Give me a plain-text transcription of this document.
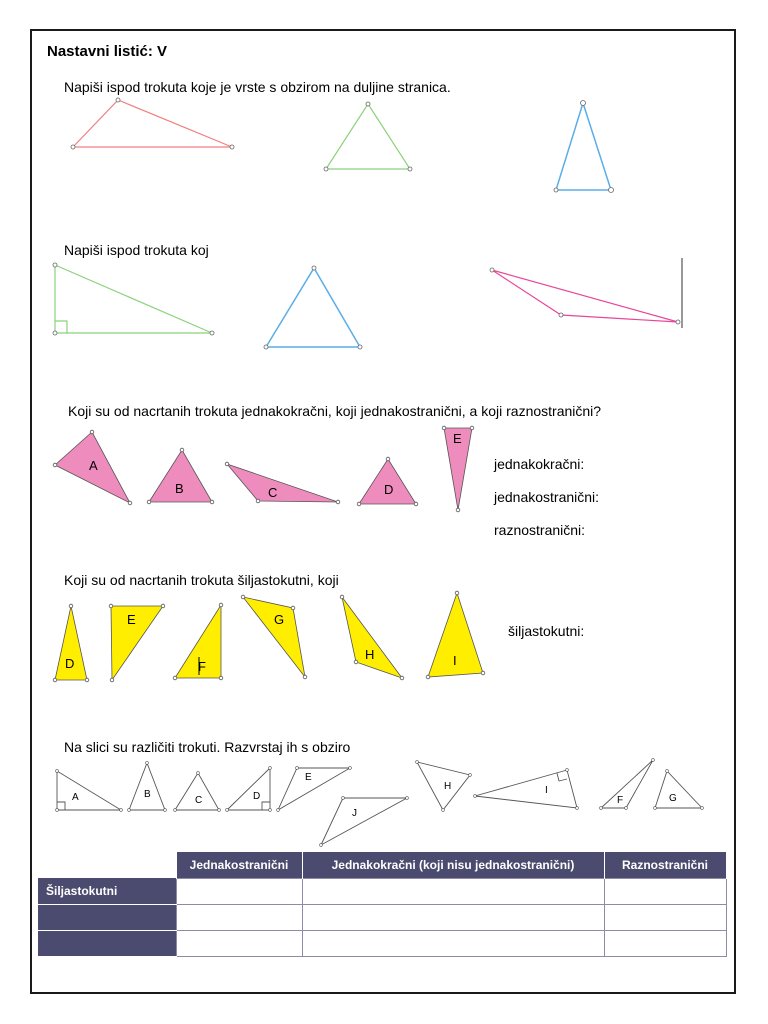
Nastavni listić: V
Napiši ispod trokuta koje je vrste s obzirom na duljine stranica.
Napiši ispod trokuta koj
Koji su od nacrtanih trokuta jednakokračni, koji jednakostranični, a koji raznostranični?
Koji su od nacrtanih trokuta šiljastokutni, koji
Na slici su različiti trokuti. Razvrstaj ih s obziro
jednakokračni:
jednakostranični:
raznostranični:
šiljastokutni:
A
B	C	D
E
D
E
F
G
H	I
A	B
C	D
E
J
H	I
F	G
	Jednakostranični	Jednakokračni (koji nisu jednakostranični)	Raznostranični
Šiljastokutni			
